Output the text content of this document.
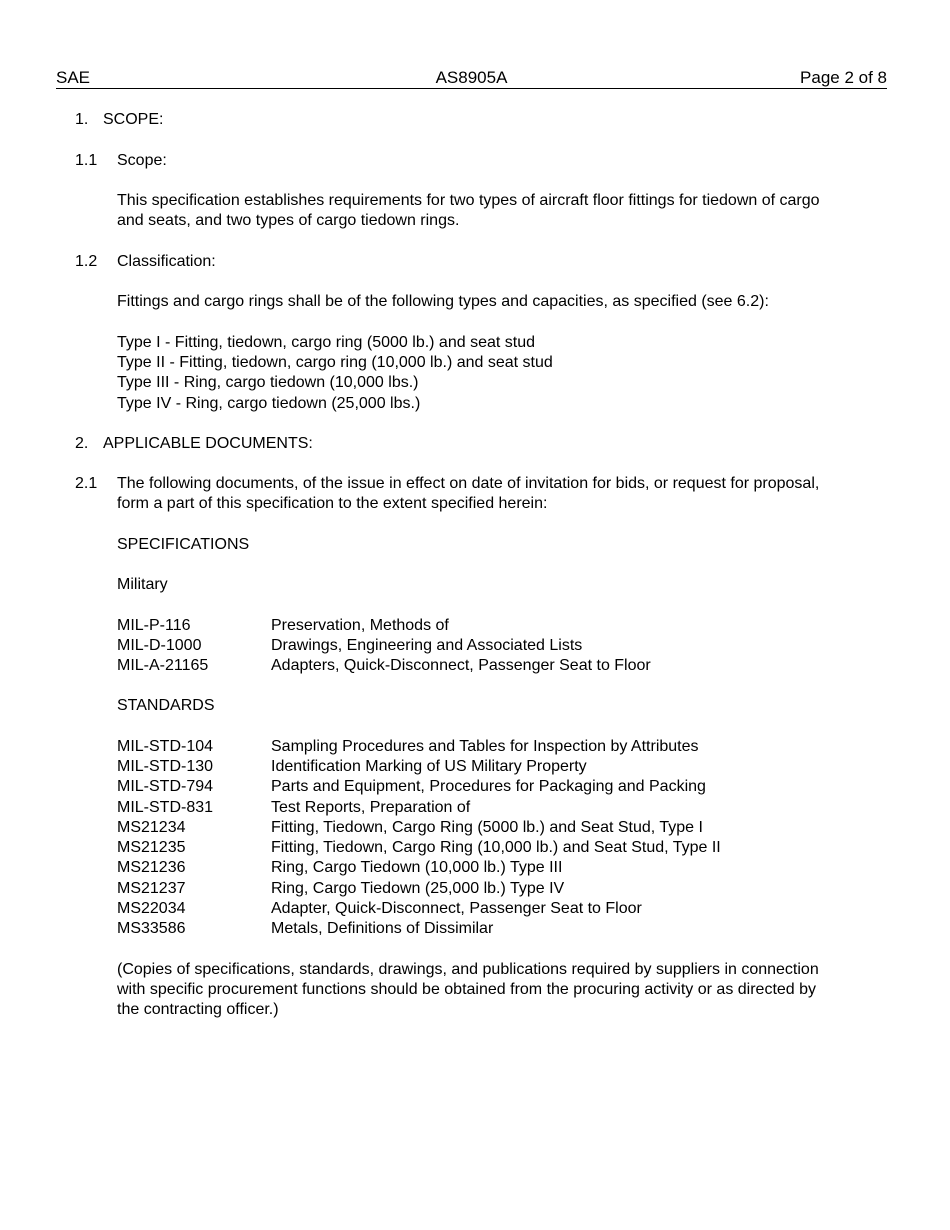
SAE	AS8905A	Page 2 of 8
1. SCOPE:
1.1 Scope:
This specification establishes requirements for two types of aircraft floor fittings for tiedown of cargo
and seats, and two types of cargo tiedown rings.
1.2 Classification:
Fittings and cargo rings shall be of the following types and capacities, as specified (see 6.2):
Type I - Fitting, tiedown, cargo ring (5000 lb.) and seat stud
Type II - Fitting, tiedown, cargo ring (10,000 lb.) and seat stud
Type III - Ring, cargo tiedown (10,000 lbs.)
Type IV - Ring, cargo tiedown (25,000 lbs.)
2. APPLICABLE DOCUMENTS:
2.1 The following documents, of the issue in effect on date of invitation for bids, or request for proposal,
form a part of this specification to the extent specified herein:
SPECIFICATIONS
Military
MIL-P-116	Preservation, Methods of
MIL-D-1000	Drawings, Engineering and Associated Lists
MIL-A-21165	Adapters, Quick-Disconnect, Passenger Seat to Floor
STANDARDS
MIL-STD-104	Sampling Procedures and Tables for Inspection by Attributes
MIL-STD-130	Identification Marking of US Military Property
MIL-STD-794	Parts and Equipment, Procedures for Packaging and Packing
MIL-STD-831	Test Reports, Preparation of
MS21234	Fitting, Tiedown, Cargo Ring (5000 lb.) and Seat Stud, Type I
MS21235	Fitting, Tiedown, Cargo Ring (10,000 lb.) and Seat Stud, Type II
MS21236	Ring, Cargo Tiedown (10,000 lb.) Type III
MS21237	Ring, Cargo Tiedown (25,000 lb.) Type IV
MS22034	Adapter, Quick-Disconnect, Passenger Seat to Floor
MS33586	Metals, Definitions of Dissimilar
(Copies of specifications, standards, drawings, and publications required by suppliers in connection
with specific procurement functions should be obtained from the procuring activity or as directed by
the contracting officer.)
